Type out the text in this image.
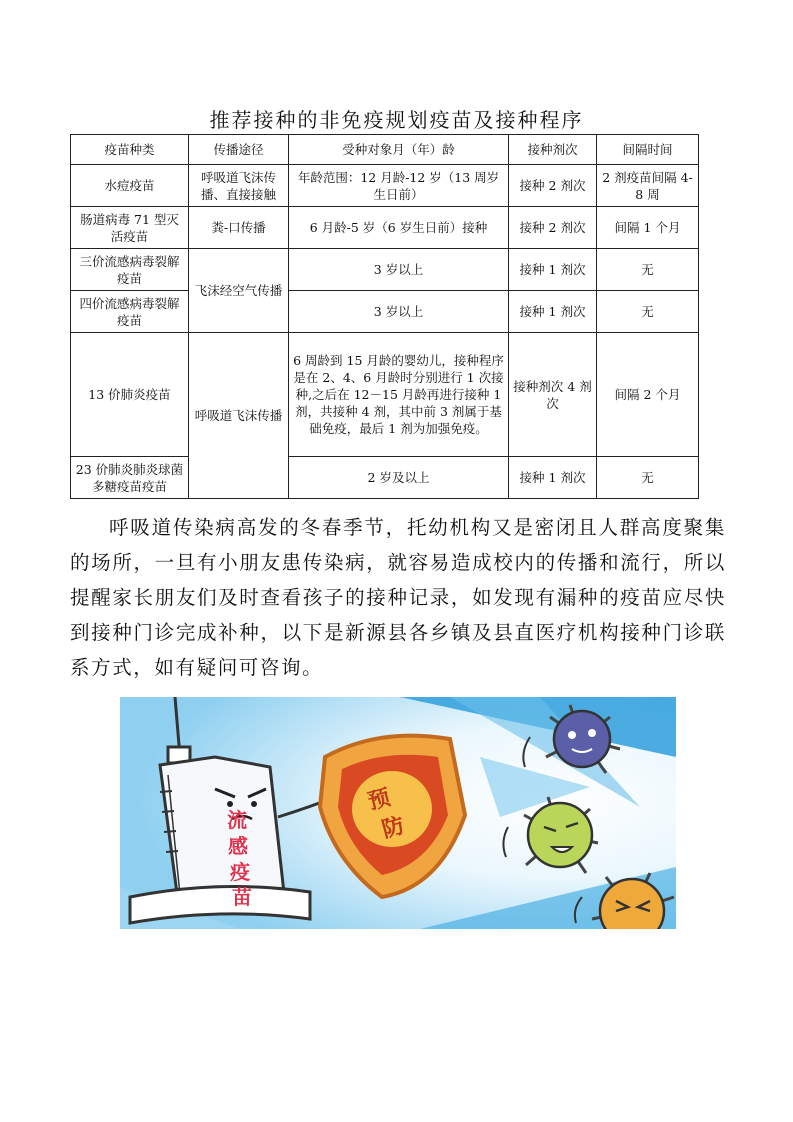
推荐接种的非免疫规划疫苗及接种程序
疫苗种类	传播途径	受种对象月（年）龄	接种剂次	间隔时间
水痘疫苗	呼吸道飞沫传播、直接接触	年龄范围：12 月龄-12 岁（13 周岁生日前）	接种 2 剂次	2 剂疫苗间隔 4-8 周
肠道病毒 71 型灭活疫苗	粪-口传播	6 月龄-5 岁（6 岁生日前）接种	接种 2 剂次	间隔 1 个月
三价流感病毒裂解疫苗	飞沫经空气传播	3 岁以上	接种 1 剂次	无
四价流感病毒裂解疫苗		3 岁以上	接种 1 剂次	无
13 价肺炎疫苗	呼吸道飞沫传播	6 周龄到 15 月龄的婴幼儿，接种程序是在 2、4、6 月龄时分别进行 1 次接种,之后在 12－15 月龄再进行接种 1 剂，共接种 4 剂，其中前 3 剂属于基础免疫，最后 1 剂为加强免疫。	接种剂次 4 剂次	间隔 2 个月
23 价肺炎肺炎球菌多糖疫苗疫苗		2 岁及以上	接种 1 剂次	无

呼吸道传染病高发的冬春季节，托幼机构又是密闭且人群高度聚集的场所，一旦有小朋友患传染病，就容易造成校内的传播和流行，所以提醒家长朋友们及时查看孩子的接种记录，如发现有漏种的疫苗应尽快到接种门诊完成补种，以下是新源县各乡镇及县直医疗机构接种门诊联系方式，如有疑问可咨询。

流
感
疫
苗
预
防
